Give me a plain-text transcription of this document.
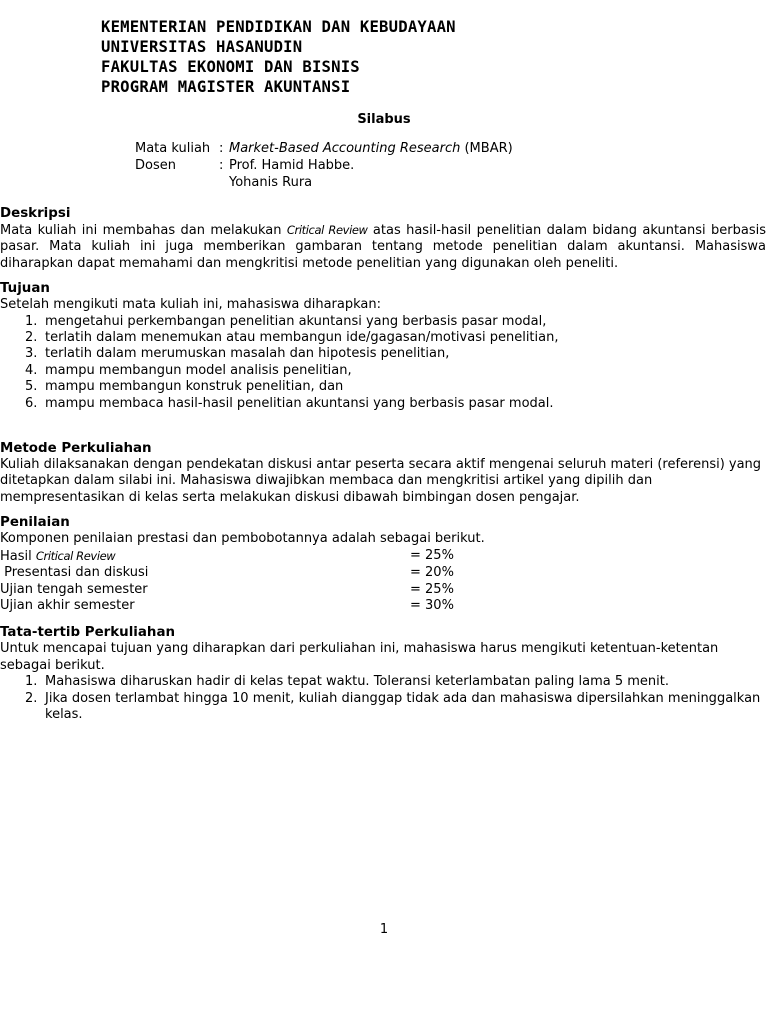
KEMENTERIAN PENDIDIKAN DAN KEBUDAYAAN
UNIVERSITAS HASANUDIN
FAKULTAS EKONOMI DAN BISNIS
PROGRAM MAGISTER AKUNTANSI
Silabus
Mata kuliah : Market-Based Accounting Research (MBAR)
Dosen	: Prof. Hamid Habbe.
Yohanis Rura
Deskripsi

Mata kuliah ini membahas dan melakukan Critical Review atas hasil-hasil penelitian dalam bidang akuntansi berbasis pasar. Mata kuliah ini juga memberikan gambaran tentang metode penelitian dalam akuntansi. Mahasiswa diharapkan dapat memahami dan mengkritisi metode penelitian yang digunakan oleh peneliti.

Tujuan

Setelah mengikuti mata kuliah ini, mahasiswa diharapkan:

1. mengetahui perkembangan penelitian akuntansi yang berbasis pasar modal,
2. terlatih dalam menemukan atau membangun ide/gagasan/motivasi penelitian,
3. terlatih dalam merumuskan masalah dan hipotesis penelitian,
4. mampu membangun model analisis penelitian,
5. mampu membangun konstruk penelitian, dan
6. mampu membaca hasil-hasil penelitian akuntansi yang berbasis pasar modal.
Metode Perkuliahan

Kuliah dilaksanakan dengan pendekatan diskusi antar peserta secara aktif mengenai seluruh materi (referensi) yang ditetapkan dalam silabi ini. Mahasiswa diwajibkan membaca dan mengkritisi artikel yang dipilih dan mempresentasikan di kelas serta melakukan diskusi dibawah bimbingan dosen pengajar.

Penilaian

Komponen penilaian prestasi dan pembobotannya adalah sebagai berikut.

Hasil Critical Review	= 25%
Presentasi dan diskusi	= 20%
Ujian tengah semester	= 25%
Ujian akhir semester	= 30%
Tata-tertib Perkuliahan

Untuk mencapai tujuan yang diharapkan dari perkuliahan ini, mahasiswa harus mengikuti ketentuan-ketentan sebagai berikut.

1. Mahasiswa diharuskan hadir di kelas tepat waktu. Toleransi keterlambatan paling lama 5 menit.
2. Jika dosen terlambat hingga 10 menit, kuliah dianggap tidak ada dan mahasiswa dipersilahkan meninggalkan kelas.
1
